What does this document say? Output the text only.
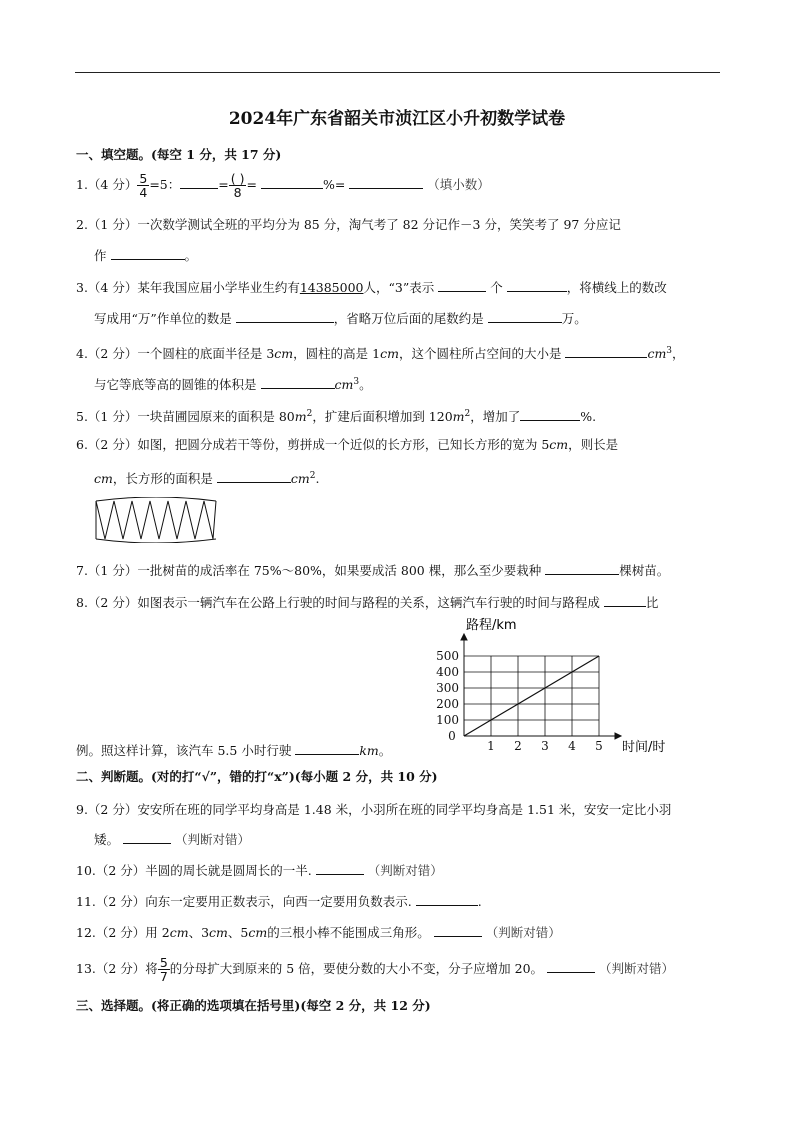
2024年广东省韶关市浈江区小升初数学试卷
一、填空题。(每空 1 分，共 17 分)
1.（4 分） $\frac{5}{4} =5$：	= $\frac{( )}{8}$ =	%=	（填小数）
2.（1 分）一次数学测试全班的平均分为 85 分，淘气考了 82 分记作－3 分，笑笑考了 97 分应记
作	。
3.（4 分）某年我国应届小学毕业生约有14385000人，“3”表示	个	，将横线上的数改
写成用“万”作单位的数是	，省略万位后面的尾数约是	万。
4.（2 分）一个圆柱的底面半径是 3cm，圆柱的高是 1cm，这个圆柱所占空间的大小是	$cm^3$，
与它等底等高的圆锥的体积是	$cm^3$。
5.（1 分）一块苗圃园原来的面积是 $80m^2$，扩建后面积增加到 $120m^2$，增加了	%.
6.（2 分）如图，把圆分成若干等份，剪拼成一个近似的长方形，已知长方形的宽为 5cm，则长是
cm，长方形的面积是	$cm^2$.
7.（1 分）一批树苗的成活率在 75%～80%，如果要成活 800 棵，那么至少要栽种	棵树苗。
8.（2 分）如图表示一辆汽车在公路上行驶的时间与路程的关系，这辆汽车行驶的时间与路程成	比
例。照这样计算，该汽车 5.5 小时行驶	km。
路程/km
时间/时
100
200
300
400
500
0
1 2 3 4 5
二、判断题。(对的打“√”，错的打“x”)(每小题 2 分，共 10 分)
9.（2 分）安安所在班的同学平均身高是 1.48 米，小羽所在班的同学平均身高是 1.51 米，安安一定比小羽
矮。	（判断对错）
10.（2 分）半圆的周长就是圆周长的一半.	（判断对错）
11.（2 分）向东一定要用正数表示，向西一定要用负数表示.	.
12.（2 分）用 2cm、3cm、5cm的三根小棒不能围成三角形。	（判断对错）
13.（2 分）将 $\frac{5}{7}$ 的分母扩大到原来的 5 倍，要使分数的大小不变，分子应增加 20。	（判断对错）
三、选择题。(将正确的选项填在括号里)(每空 2 分，共 12 分)
